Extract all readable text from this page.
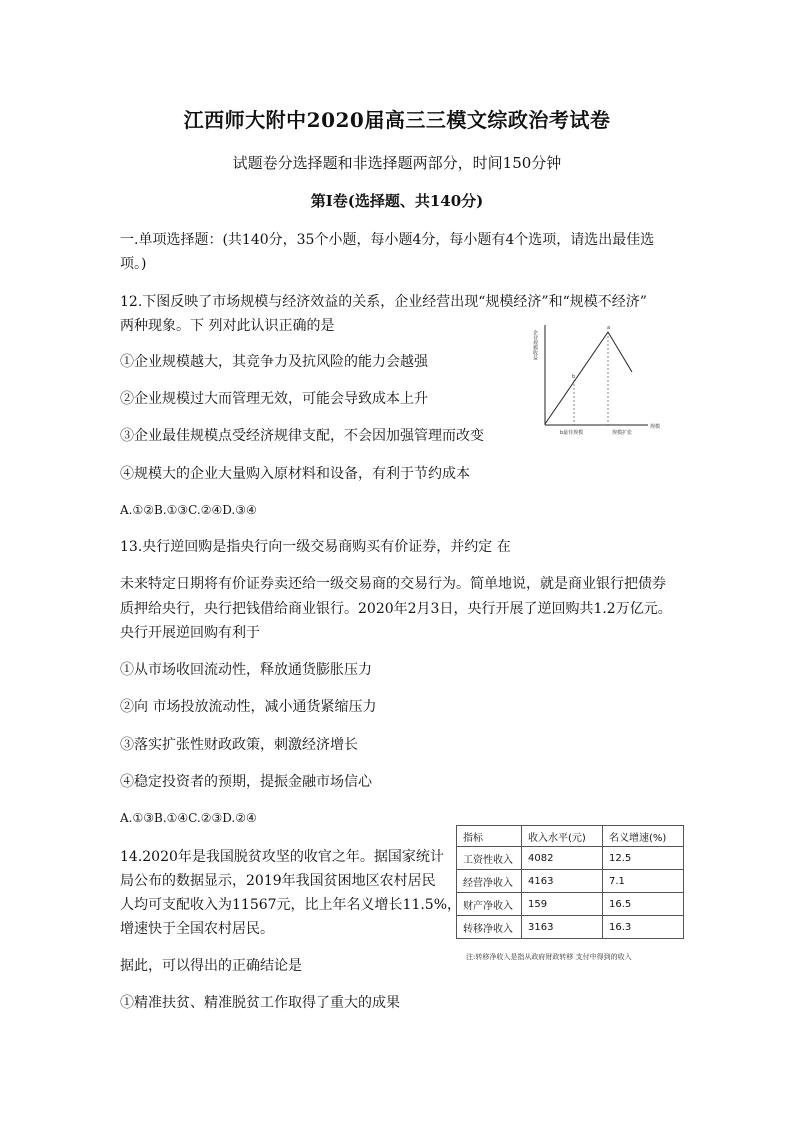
江西师大附中2020届高三三模文综政治考试卷
试题卷分选择题和非选择题两部分，时间150分钟
第Ⅰ卷(选择题、共140分)
一.单项选择题：(共140分，35个小题，每小题4分，每小题有4个选项，请选出最佳选
项。)
12.下图反映了市场规模与经济效益的关系，企业经营出现“规模经济”和“规模不经济”
两种现象。下 列对此认识正确的是
①企业规模越大，其竞争力及抗风险的能力会越强
②企业规模过大而管理无效，可能会导致成本上升
③企业最佳规模点受经济规律支配，不会因加强管理而改变
④规模大的企业大量购入原材料和设备，有利于节约成本
A.①②B.①③C.②④D.③④
企业规模收益
规模
b最佳规模	规模扩张
a
b
13.央行逆回购是指央行向一级交易商购买有价证券，并约定 在
未来特定日期将有价证券卖还给一级交易商的交易行为。简单地说，就是商业银行把债券
质押给央行，央行把钱借给商业银行。2020年2月3日，央行开展了逆回购共1.2万亿元。
央行开展逆回购有利于
①从市场收回流动性，释放通货膨胀压力
②向 市场投放流动性，减小通货紧缩压力
③落实扩张性财政政策，刺激经济增长
④稳定投资者的预期，提振金融市场信心
A.①③B.①④C.②③D.②④
14.2020年是我国脱贫攻坚的收官之年。据国家统计
局公布的数据显示，2019年我国贫困地区农村居民
人均可支配收入为11567元，比上年名义增长11.5%，
增速快于全国农村居民。
据此，可以得出的正确结论是
①精准扶贫、精准脱贫工作取得了重大的成果
指标	收入水平(元)	名义增速(%)
工资性收入	4082	12.5
经营净收入	4163	7.1
财产净收入	159	16.5
转移净收入	3163	16.3
注:转移净收入是指从政府财政转移 支付中得到的收入
